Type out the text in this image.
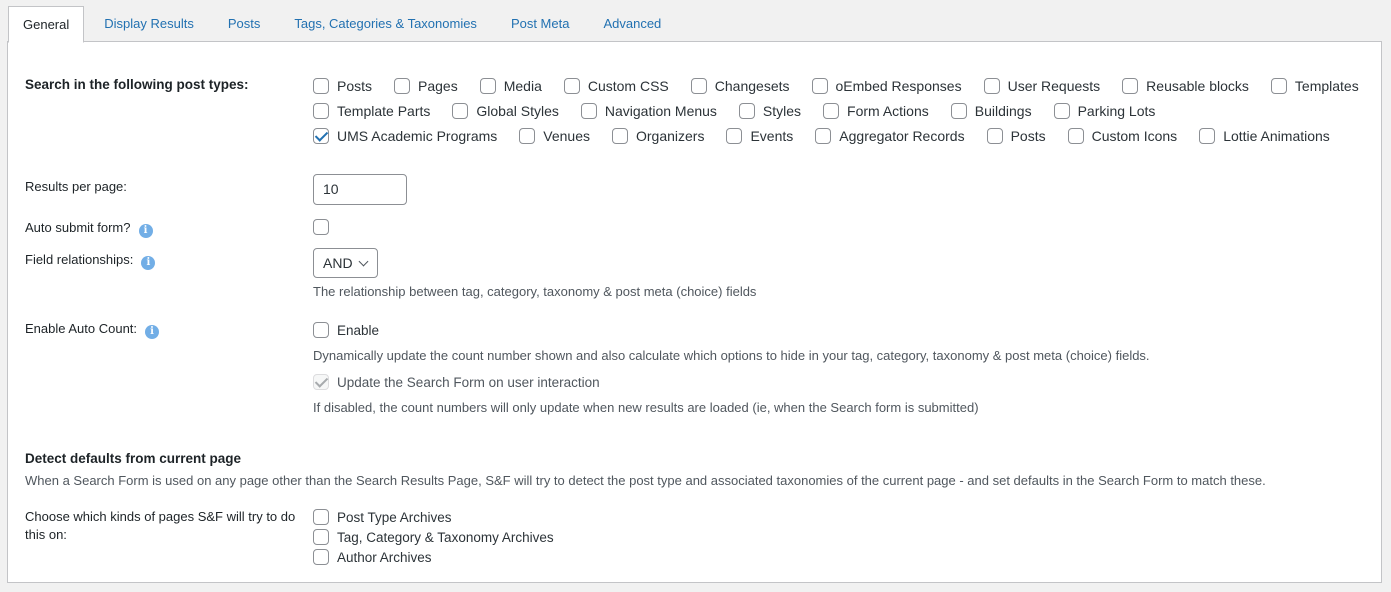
General	Display Results	Posts	Tags, Categories & Taxonomies	Post Meta	Advanced
Search in the following post types:	Posts	Pages	Media	Custom CSS	Changesets	oEmbed Responses	User Requests	Reusable blocks	Templates
Template Parts	Global Styles	Navigation Menus	Styles	Form Actions	Buildings	Parking Lots
UMS Academic Programs	Venues	Organizers	Events	Aggregator Records	Posts	Custom Icons	Lottie Animations
Results per page:	10
Auto submit form? i
Field relationships: i	AND
The relationship between tag, category, taxonomy & post meta (choice) fields
Enable Auto Count: i	Enable
Dynamically update the count number shown and also calculate which options to hide in your tag, category, taxonomy & post meta (choice) fields.
Update the Search Form on user interaction
If disabled, the count numbers will only update when new results are loaded (ie, when the Search form is submitted)
Detect defaults from current page
When a Search Form is used on any page other than the Search Results Page, S&F will try to detect the post type and associated taxonomies of the current page - and set defaults in the Search Form to match these.
Choose which kinds of pages S&F will try to do
this on:
Post Type Archives
Tag, Category & Taxonomy Archives
Author Archives
